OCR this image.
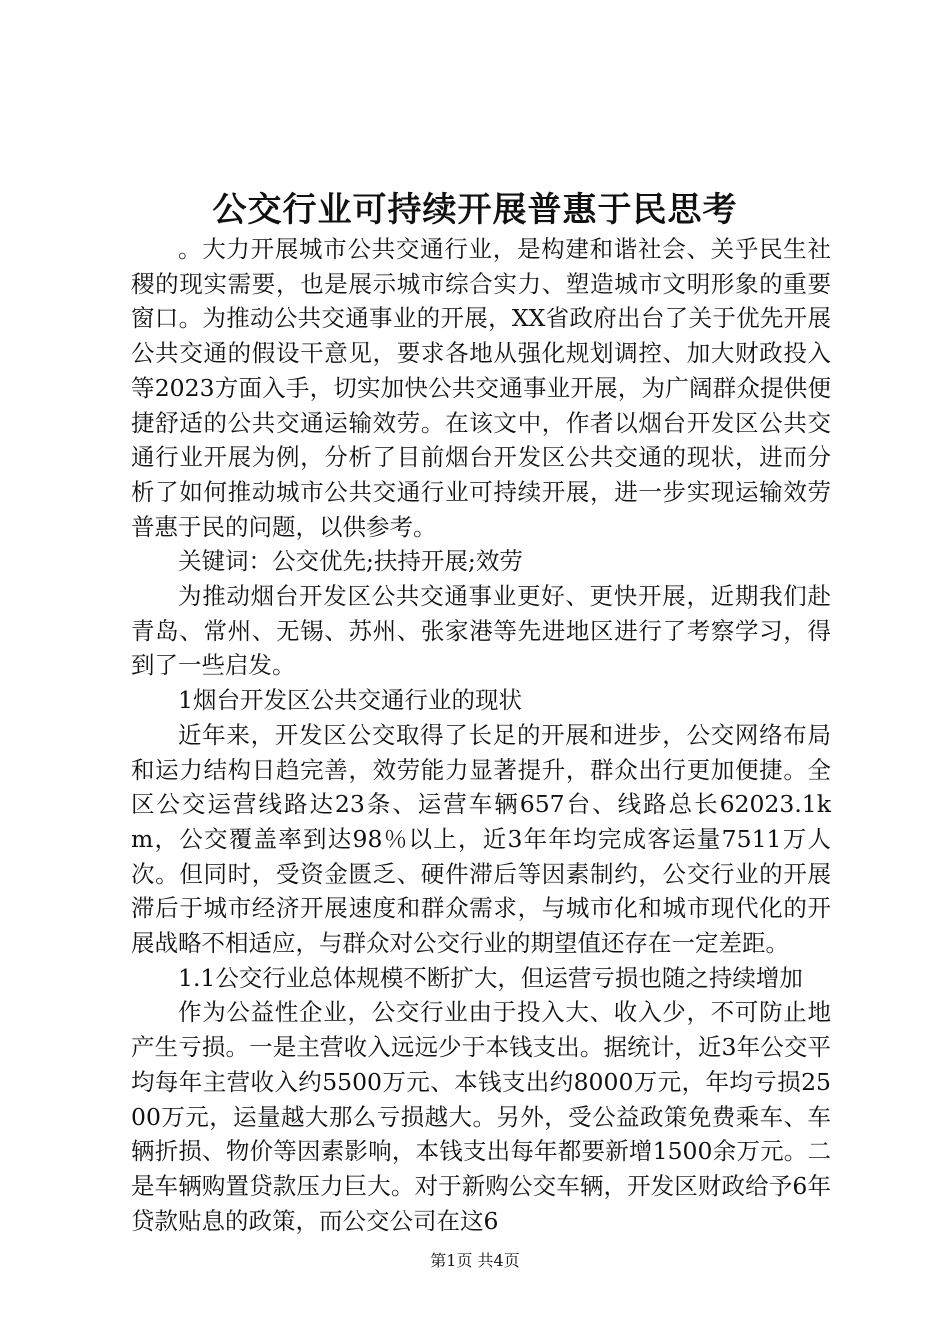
公交行业可持续开展普惠于民思考

。大力开展城市公共交通行业，是构建和谐社会、关乎民生社稷的现实需要，也是展示城市综合实力、塑造城市文明形象的重要窗口。为推动公共交通事业的开展，XX省政府出台了关于优先开展公共交通的假设干意见，要求各地从强化规划调控、加大财政投入等2023方面入手，切实加快公共交通事业开展，为广阔群众提供便捷舒适的公共交通运输效劳。在该文中，作者以烟台开发区公共交通行业开展为例，分析了目前烟台开发区公共交通的现状，进而分析了如何推动城市公共交通行业可持续开展，进一步实现运输效劳普惠于民的问题，以供参考。

关键词：公交优先;扶持开展;效劳

为推动烟台开发区公共交通事业更好、更快开展，近期我们赴青岛、常州、无锡、苏州、张家港等先进地区进行了考察学习，得到了一些启发。

1烟台开发区公共交通行业的现状

近年来，开发区公交取得了长足的开展和进步，公交网络布局和运力结构日趋完善，效劳能力显著提升，群众出行更加便捷。全区公交运营线路达23条、运营车辆657台、线路总长62023.1km，公交覆盖率到达98％以上，近3年年均完成客运量7511万人次。但同时，受资金匮乏、硬件滞后等因素制约，公交行业的开展滞后于城市经济开展速度和群众需求，与城市化和城市现代化的开展战略不相适应，与群众对公交行业的期望值还存在一定差距。

1.1公交行业总体规模不断扩大，但运营亏损也随之持续增加

作为公益性企业，公交行业由于投入大、收入少，不可防止地产生亏损。一是主营收入远远少于本钱支出。据统计，近3年公交平均每年主营收入约5500万元、本钱支出约8000万元，年均亏损2500万元，运量越大那么亏损越大。另外，受公益政策免费乘车、车辆折损、物价等因素影响，本钱支出每年都要新增1500余万元。二是车辆购置贷款压力巨大。对于新购公交车辆，开发区财政给予6年贷款贴息的政策，而公交公司在这6

第1页 共4页
